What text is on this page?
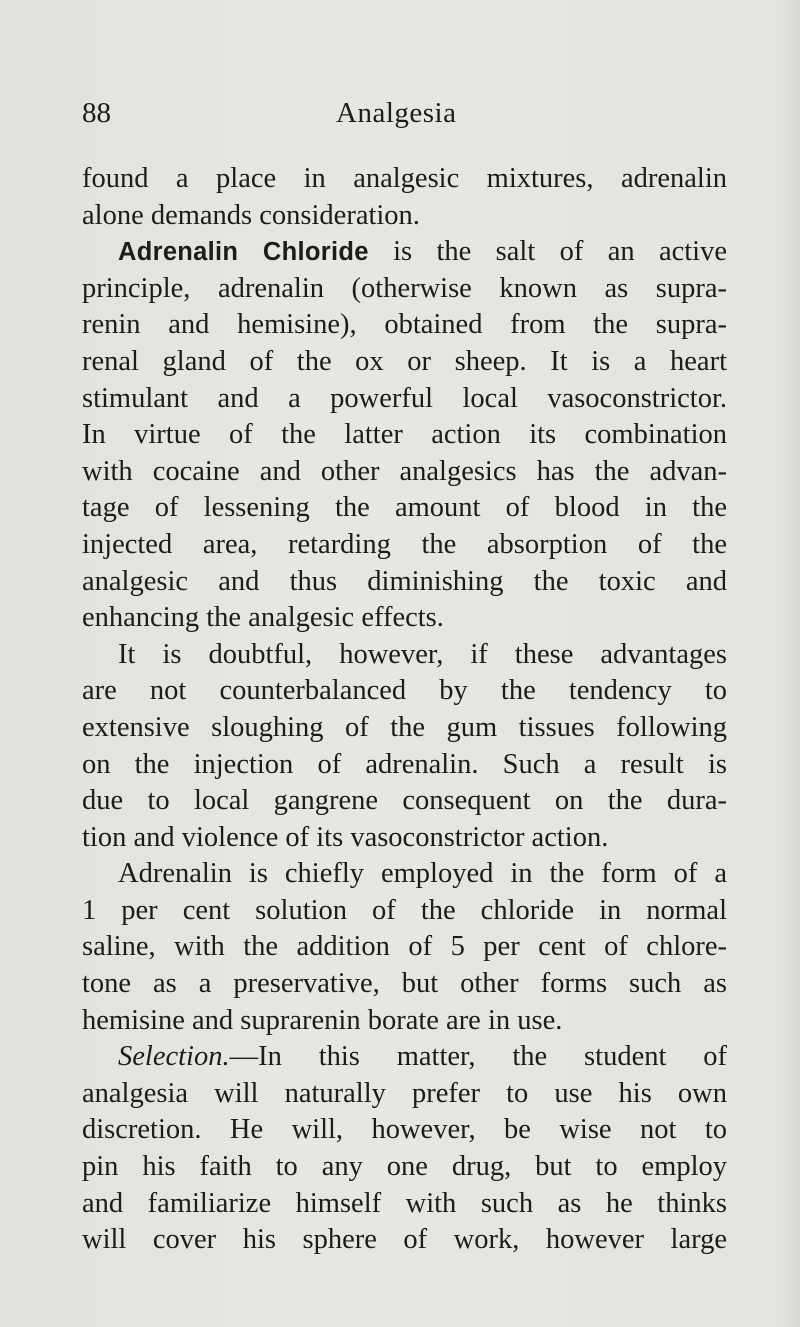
88	Analgesia
found a place in analgesic mixtures, adrenalin
alone demands consideration.
Adrenalin Chloride is the salt of an active
principle, adrenalin (otherwise known as supra-
renin and hemisine), obtained from the supra-
renal gland of the ox or sheep. It is a heart
stimulant and a powerful local vasoconstrictor.
In virtue of the latter action its combination
with cocaine and other analgesics has the advan-
tage of lessening the amount of blood in the
injected area, retarding the absorption of the
analgesic and thus diminishing the toxic and
enhancing the analgesic effects.
It is doubtful, however, if these advantages
are not counterbalanced by the tendency to
extensive sloughing of the gum tissues following
on the injection of adrenalin. Such a result is
due to local gangrene consequent on the dura-
tion and violence of its vasoconstrictor action.
Adrenalin is chiefly employed in the form of a
1 per cent solution of the chloride in normal
saline, with the addition of 5 per cent of chlore-
tone as a preservative, but other forms such as
hemisine and suprarenin borate are in use.
Selection.—In this matter, the student of
analgesia will naturally prefer to use his own
discretion. He will, however, be wise not to
pin his faith to any one drug, but to employ
and familiarize himself with such as he thinks
will cover his sphere of work, however large
